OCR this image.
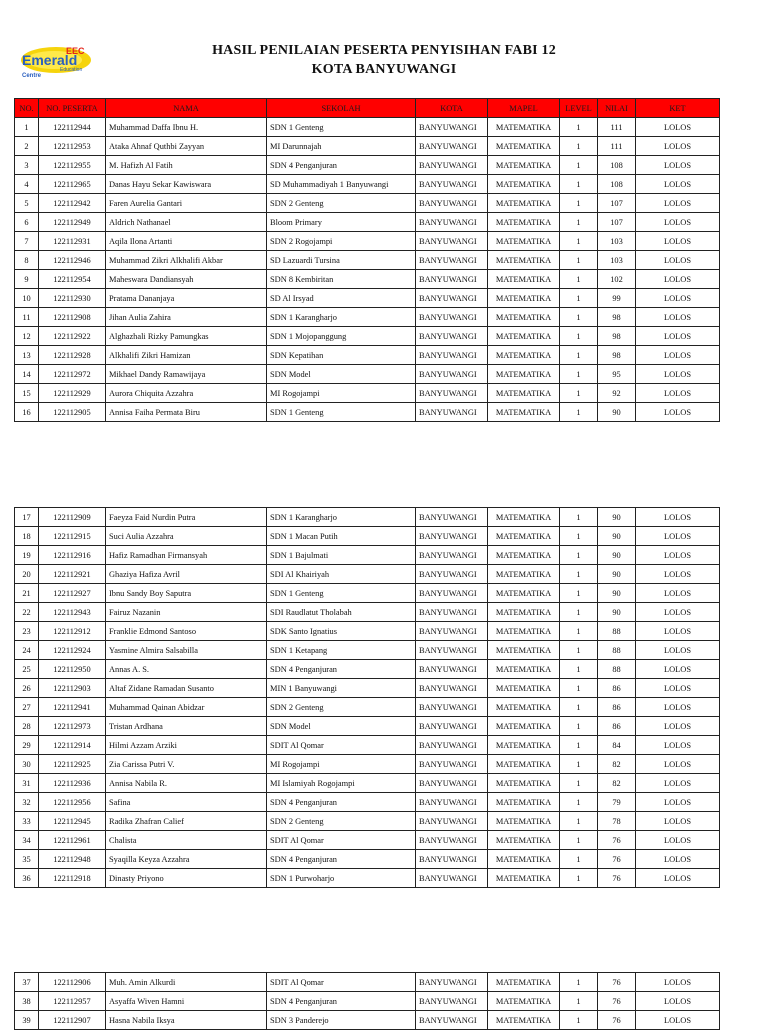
Emerald
EEC
Education
Centre
HASIL PENILAIAN PESERTA PENYISIHAN FABI 12
KOTA BANYUWANGI
NO.	NO. PESERTA	NAMA	SEKOLAH	KOTA	MAPEL	LEVEL	NILAI	KET
1	122112944	Muhammad Daffa Ibnu H.	SDN 1 Genteng	BANYUWANGI	MATEMATIKA	1	111	LOLOS
2	122112953	Ataka Ahnaf Quthbi Zayyan	MI Darunnajah	BANYUWANGI	MATEMATIKA	1	111	LOLOS
3	122112955	M. Hafizh Al Fatih	SDN 4 Penganjuran	BANYUWANGI	MATEMATIKA	1	108	LOLOS
4	122112965	Danas Hayu Sekar Kawiswara	SD Muhammadiyah 1 Banyuwangi	BANYUWANGI	MATEMATIKA	1	108	LOLOS
5	122112942	Faren Aurelia Gantari	SDN 2 Genteng	BANYUWANGI	MATEMATIKA	1	107	LOLOS
6	122112949	Aldrich Nathanael	Bloom Primary	BANYUWANGI	MATEMATIKA	1	107	LOLOS
7	122112931	Aqila Ilona Artanti	SDN 2 Rogojampi	BANYUWANGI	MATEMATIKA	1	103	LOLOS
8	122112946	Muhammad Zikri Alkhalifi Akbar	SD Lazuardi Tursina	BANYUWANGI	MATEMATIKA	1	103	LOLOS
9	122112954	Maheswara Dandiansyah	SDN 8 Kembiritan	BANYUWANGI	MATEMATIKA	1	102	LOLOS
10	122112930	Pratama Dananjaya	SD Al Irsyad	BANYUWANGI	MATEMATIKA	1	99	LOLOS
11	122112908	Jihan Aulia Zahira	SDN 1 Karangharjo	BANYUWANGI	MATEMATIKA	1	98	LOLOS
12	122112922	Alghazhali Rizky Pamungkas	SDN 1 Mojopanggung	BANYUWANGI	MATEMATIKA	1	98	LOLOS
13	122112928	Alkhalifi Zikri Hamizan	SDN Kepatihan	BANYUWANGI	MATEMATIKA	1	98	LOLOS
14	122112972	Mikhael Dandy Ramawijaya	SDN Model	BANYUWANGI	MATEMATIKA	1	95	LOLOS
15	122112929	Aurora Chiquita Azzahra	MI Rogojampi	BANYUWANGI	MATEMATIKA	1	92	LOLOS
16	122112905	Annisa Faiha Permata Biru	SDN 1 Genteng	BANYUWANGI	MATEMATIKA	1	90	LOLOS
17	122112909	Faeyza Faid Nurdin Putra	SDN 1 Karangharjo	BANYUWANGI	MATEMATIKA	1	90	LOLOS
18	122112915	Suci Aulia Azzahra	SDN 1 Macan Putih	BANYUWANGI	MATEMATIKA	1	90	LOLOS
19	122112916	Hafiz Ramadhan Firmansyah	SDN 1 Bajulmati	BANYUWANGI	MATEMATIKA	1	90	LOLOS
20	122112921	Ghaziya Hafiza Avril	SDI Al Khairiyah	BANYUWANGI	MATEMATIKA	1	90	LOLOS
21	122112927	Ibnu Sandy Boy Saputra	SDN 1 Genteng	BANYUWANGI	MATEMATIKA	1	90	LOLOS
22	122112943	Fairuz Nazanin	SDI Raudlatut Tholabah	BANYUWANGI	MATEMATIKA	1	90	LOLOS
23	122112912	Franklie Edmond Santoso	SDK Santo Ignatius	BANYUWANGI	MATEMATIKA	1	88	LOLOS
24	122112924	Yasmine Almira Salsabilla	SDN 1 Ketapang	BANYUWANGI	MATEMATIKA	1	88	LOLOS
25	122112950	Annas A. S.	SDN 4 Penganjuran	BANYUWANGI	MATEMATIKA	1	88	LOLOS
26	122112903	Altaf Zidane Ramadan Susanto	MIN 1 Banyuwangi	BANYUWANGI	MATEMATIKA	1	86	LOLOS
27	122112941	Muhammad Qainan Abidzar	SDN 2 Genteng	BANYUWANGI	MATEMATIKA	1	86	LOLOS
28	122112973	Tristan Ardhana	SDN Model	BANYUWANGI	MATEMATIKA	1	86	LOLOS
29	122112914	Hilmi Azzam Arziki	SDIT Al Qomar	BANYUWANGI	MATEMATIKA	1	84	LOLOS
30	122112925	Zia Carissa Putri V.	MI Rogojampi	BANYUWANGI	MATEMATIKA	1	82	LOLOS
31	122112936	Annisa Nabila R.	MI Islamiyah Rogojampi	BANYUWANGI	MATEMATIKA	1	82	LOLOS
32	122112956	Safina	SDN 4 Penganjuran	BANYUWANGI	MATEMATIKA	1	79	LOLOS
33	122112945	Radika Zhafran Calief	SDN 2 Genteng	BANYUWANGI	MATEMATIKA	1	78	LOLOS
34	122112961	Chalista	SDIT Al Qomar	BANYUWANGI	MATEMATIKA	1	76	LOLOS
35	122112948	Syaqilla Keyza Azzahra	SDN 4 Penganjuran	BANYUWANGI	MATEMATIKA	1	76	LOLOS
36	122112918	Dinasty Priyono	SDN 1 Purwoharjo	BANYUWANGI	MATEMATIKA	1	76	LOLOS
37	122112906	Muh. Amin Alkurdi	SDIT Al Qomar	BANYUWANGI	MATEMATIKA	1	76	LOLOS
38	122112957	Asyaffa Wiven Hamni	SDN 4 Penganjuran	BANYUWANGI	MATEMATIKA	1	76	LOLOS
39	122112907	Hasna Nabila Iksya	SDN 3 Panderejo	BANYUWANGI	MATEMATIKA	1	76	LOLOS
